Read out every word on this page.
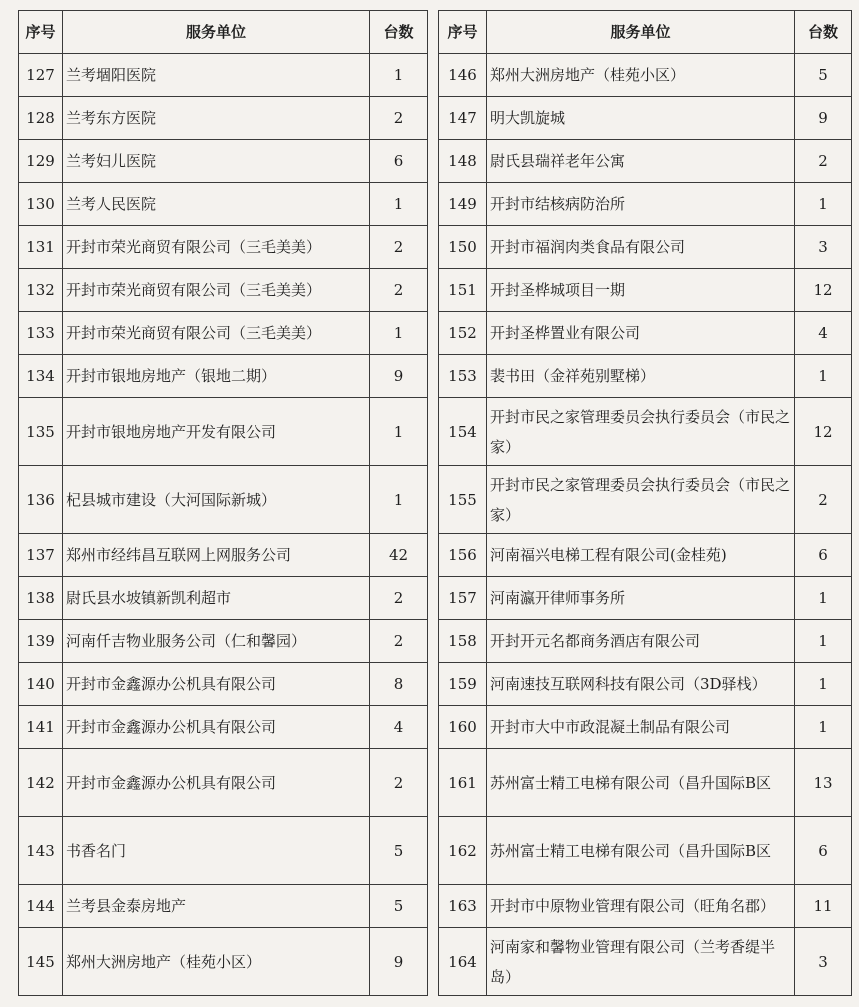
序号	服务单位	台数
127	兰考堌阳医院	1
128	兰考东方医院	2
129	兰考妇儿医院	6
130	兰考人民医院	1
131	开封市荣光商贸有限公司（三毛美美）	2
132	开封市荣光商贸有限公司（三毛美美）	2
133	开封市荣光商贸有限公司（三毛美美）	1
134	开封市银地房地产（银地二期）	9
135	开封市银地房地产开发有限公司	1
136	杞县城市建设（大河国际新城）	1
137	郑州市经纬昌互联网上网服务公司	42
138	尉氏县水坡镇新凯利超市	2
139	河南仟吉物业服务公司（仁和馨园）	2
140	开封市金鑫源办公机具有限公司	8
141	开封市金鑫源办公机具有限公司	4
142	开封市金鑫源办公机具有限公司	2
143	书香名门	5
144	兰考县金泰房地产	5
145	郑州大洲房地产（桂苑小区）	9
序号	服务单位	台数
146	郑州大洲房地产（桂苑小区）	5
147	明大凯旋城	9
148	尉氏县瑞祥老年公寓	2
149	开封市结核病防治所	1
150	开封市福润肉类食品有限公司	3
151	开封圣桦城项目一期	12
152	开封圣桦置业有限公司	4
153	裴书田（金祥苑别墅梯）	1
154	开封市民之家管理委员会执行委员会（市民之家）	12
155	开封市民之家管理委员会执行委员会（市民之家）	2
156	河南福兴电梯工程有限公司(金桂苑)	6
157	河南瀛开律师事务所	1
158	开封开元名都商务酒店有限公司	1
159	河南速技互联网科技有限公司（3D驿栈）	1
160	开封市大中市政混凝土制品有限公司	1
161	苏州富士精工电梯有限公司（昌升国际B区	13
162	苏州富士精工电梯有限公司（昌升国际B区	6
163	开封市中原物业管理有限公司（旺角名郡）	11
164	河南家和馨物业管理有限公司（兰考香缇半岛）	3
